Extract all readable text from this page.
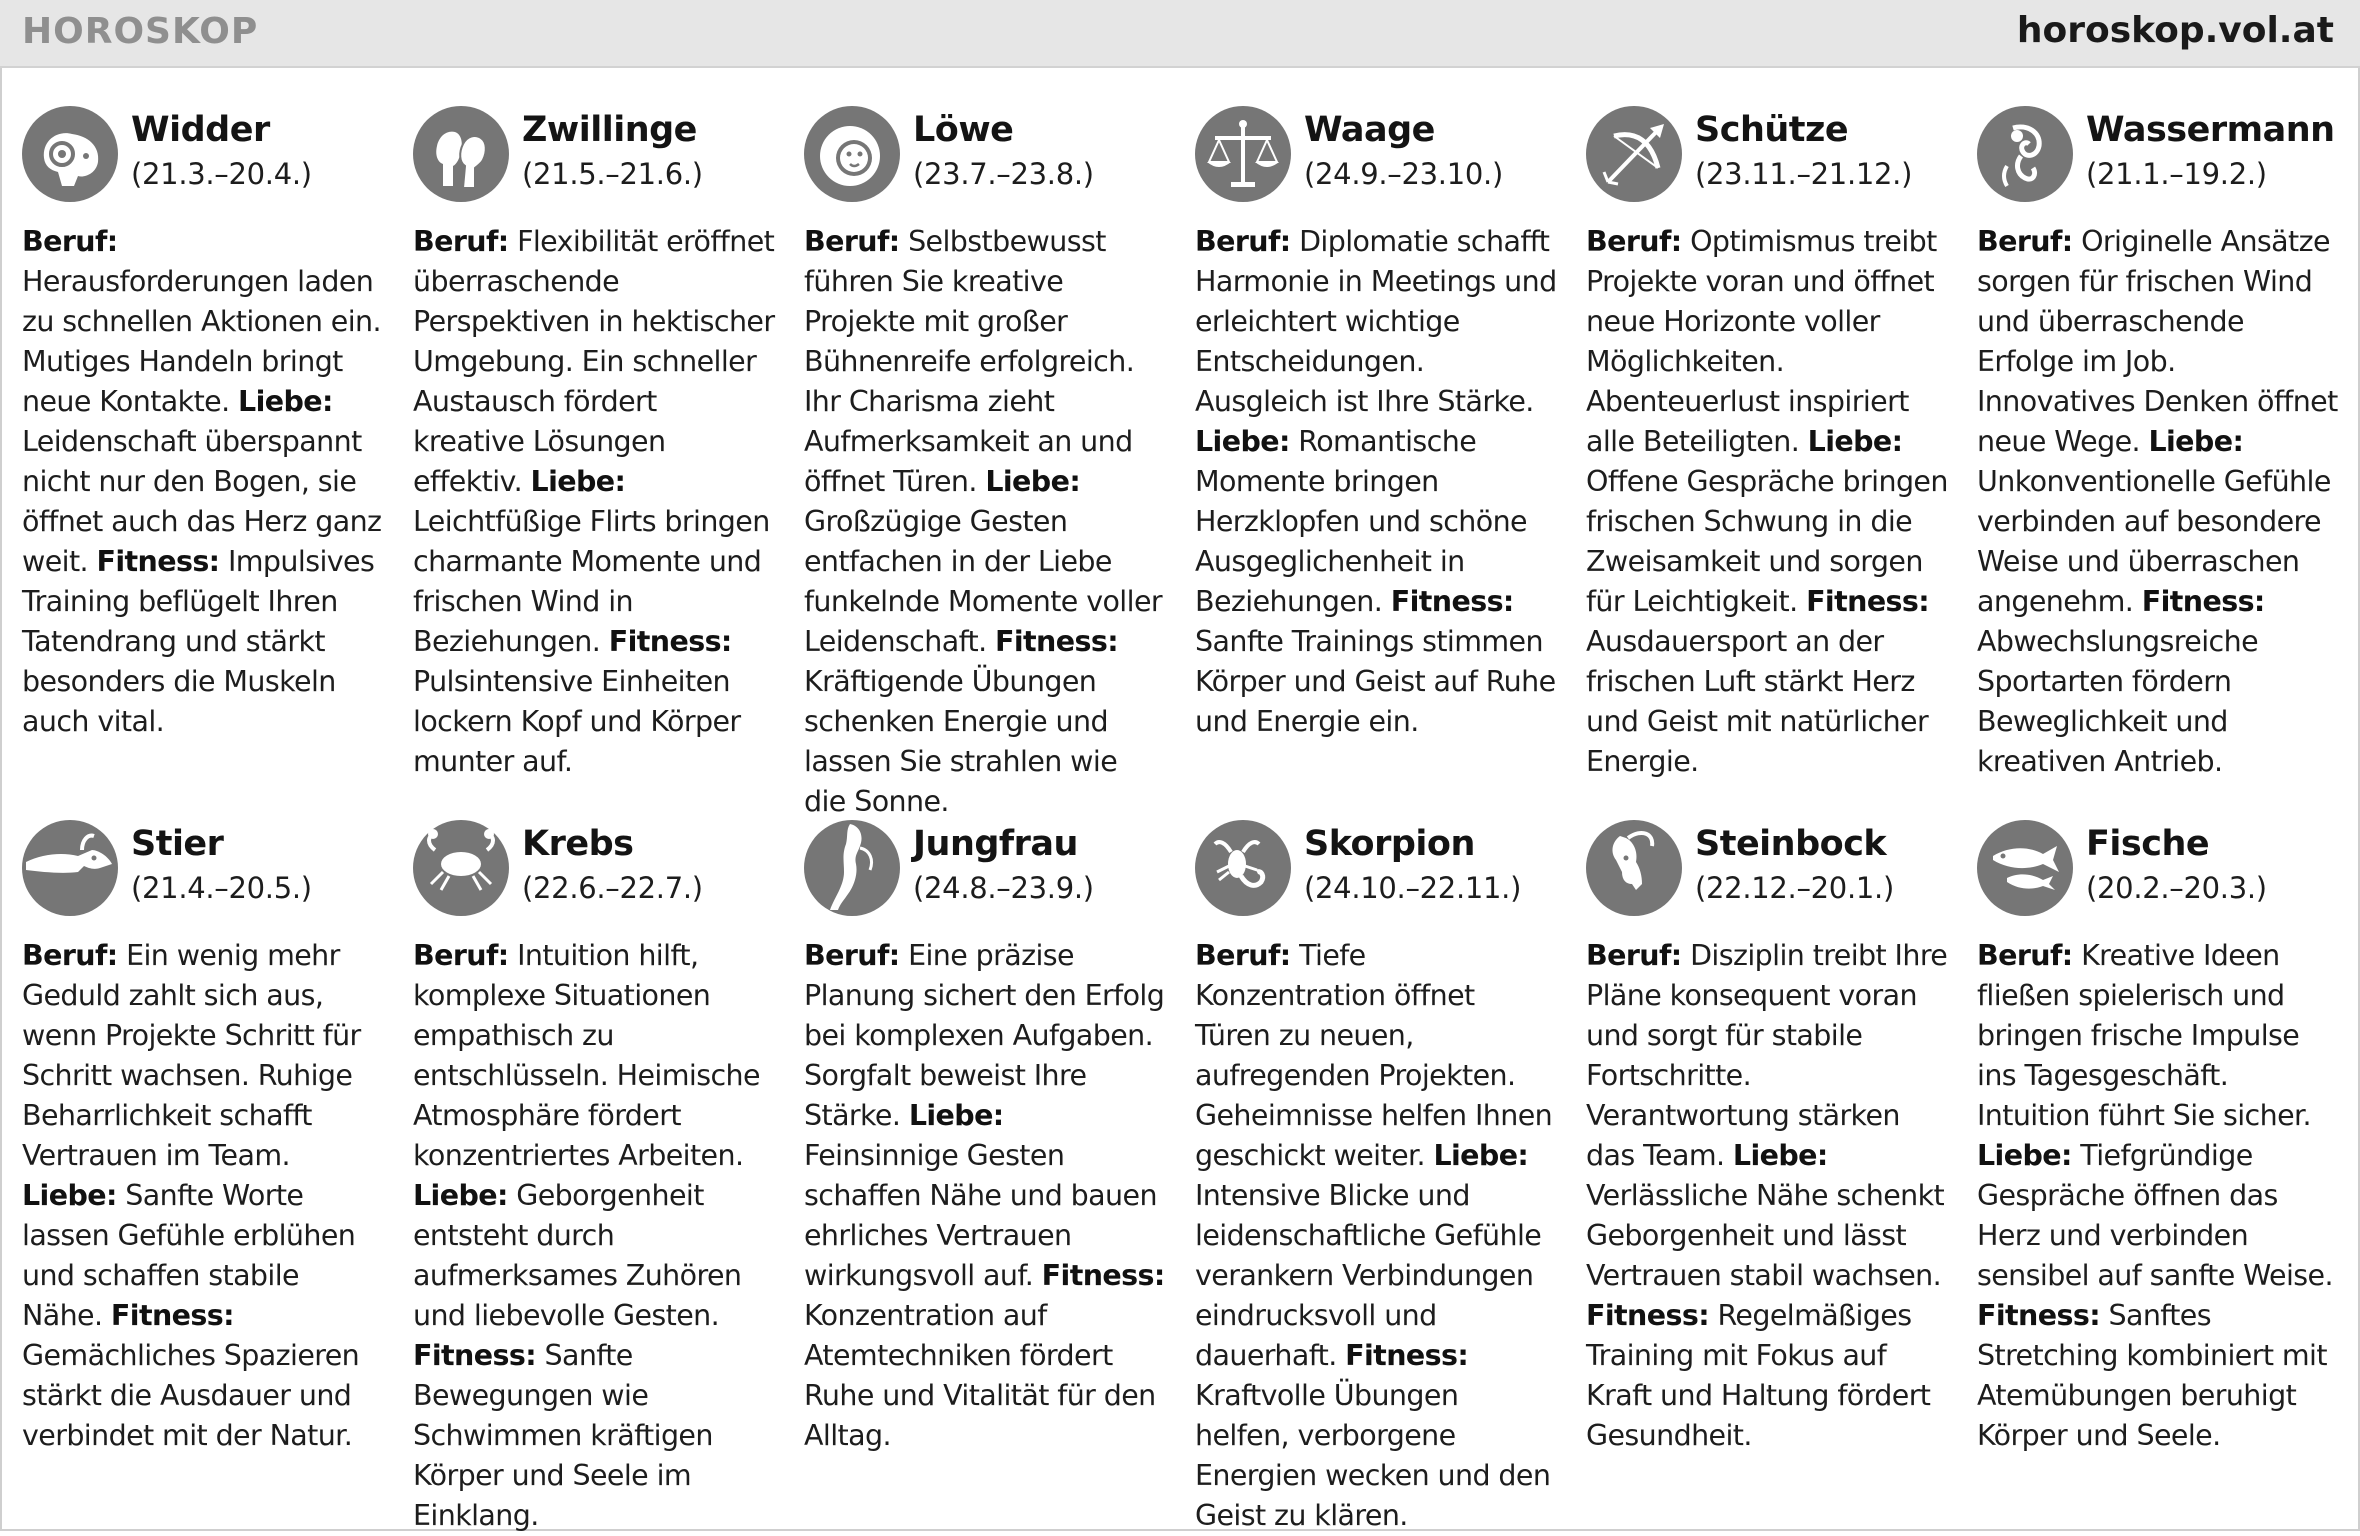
HOROSKOP	horoskop.vol.at
Widder
(21.3.–20.4.)
Beruf: Herausforderungen laden zu schnellen Aktionen ein. Mutiges Handeln bringt neue Kontakte. Liebe: Leidenschaft überspannt nicht nur den Bogen, sie öffnet auch das Herz ganz weit. Fitness: Impulsives Training beflügelt Ihren Tatendrang und stärkt besonders die Muskeln auch vital.
Zwillinge
(21.5.–21.6.)
Beruf: Flexibilität eröffnet überraschende Perspektiven in hektischer Umgebung. Ein schneller Austausch fördert kreative Lösungen effektiv. Liebe: Leichtfüßige Flirts bringen charmante Momente und frischen Wind in Beziehungen. Fitness: Pulsintensive Einheiten lockern Kopf und Körper munter auf.
Löwe
(23.7.–23.8.)
Beruf: Selbstbewusst führen Sie kreative Projekte mit großer Bühnenreife erfolgreich. Ihr Charisma zieht Aufmerksamkeit an und öffnet Türen. Liebe: Großzügige Gesten entfachen in der Liebe funkelnde Momente voller Leidenschaft. Fitness: Kräftigende Übungen schenken Energie und lassen Sie strahlen wie die Sonne.
Waage
(24.9.–23.10.)
Beruf: Diplomatie schafft Harmonie in Meetings und erleichtert wichtige Entscheidungen. Ausgleich ist Ihre Stärke. Liebe: Romantische Momente bringen Herzklopfen und schöne Ausgeglichenheit in Beziehungen. Fitness: Sanfte Trainings stimmen Körper und Geist auf Ruhe und Energie ein.
Schütze
(23.11.–21.12.)
Beruf: Optimismus treibt Projekte voran und öffnet neue Horizonte voller Möglichkeiten. Abenteuerlust inspiriert alle Beteiligten. Liebe: Offene Gespräche bringen frischen Schwung in die Zweisamkeit und sorgen für Leichtigkeit. Fitness: Ausdauersport an der frischen Luft stärkt Herz und Geist mit natürlicher Energie.
Wassermann
(21.1.–19.2.)
Beruf: Originelle Ansätze sorgen für frischen Wind und überraschende Erfolge im Job. Innovatives Denken öffnet neue Wege. Liebe: Unkonventionelle Gefühle verbinden auf besondere Weise und überraschen angenehm. Fitness: Abwechslungsreiche Sportarten fördern Beweglichkeit und kreativen Antrieb.
Stier
(21.4.–20.5.)
Beruf: Ein wenig mehr Geduld zahlt sich aus, wenn Projekte Schritt für Schritt wachsen. Ruhige Beharrlichkeit schafft Vertrauen im Team. Liebe: Sanfte Worte lassen Gefühle erblühen und schaffen stabile Nähe. Fitness: Gemächliches Spazieren stärkt die Ausdauer und verbindet mit der Natur.
Krebs
(22.6.–22.7.)
Beruf: Intuition hilft, komplexe Situationen empathisch zu entschlüsseln. Heimische Atmosphäre fördert konzentriertes Arbeiten. Liebe: Geborgenheit entsteht durch aufmerksames Zuhören und liebevolle Gesten. Fitness: Sanfte Bewegungen wie Schwimmen kräftigen Körper und Seele im Einklang.
Jungfrau
(24.8.–23.9.)
Beruf: Eine präzise Planung sichert den Erfolg bei komplexen Aufgaben. Sorgfalt beweist Ihre Stärke. Liebe: Feinsinnige Gesten schaffen Nähe und bauen ehrliches Vertrauen wirkungsvoll auf. Fitness: Konzentration auf Atemtechniken fördert Ruhe und Vitalität für den Alltag.
Skorpion
(24.10.–22.11.)
Beruf: Tiefe Konzentration öffnet Türen zu neuen, aufregenden Projekten. Geheimnisse helfen Ihnen geschickt weiter. Liebe: Intensive Blicke und leidenschaftliche Gefühle verankern Verbindungen eindrucksvoll und dauerhaft. Fitness: Kraftvolle Übungen helfen, verborgene Energien wecken und den Geist zu klären.
Steinbock
(22.12.–20.1.)
Beruf: Disziplin treibt Ihre Pläne konsequent voran und sorgt für stabile Fortschritte. Verantwortung stärken das Team. Liebe: Verlässliche Nähe schenkt Geborgenheit und lässt Vertrauen stabil wachsen. Fitness: Regelmäßiges Training mit Fokus auf Kraft und Haltung fördert Gesundheit.
Fische
(20.2.–20.3.)
Beruf: Kreative Ideen fließen spielerisch und bringen frische Impulse ins Tagesgeschäft. Intuition führt Sie sicher. Liebe: Tiefgründige Gespräche öffnen das Herz und verbinden sensibel auf sanfte Weise. Fitness: Sanftes Stretching kombiniert mit Atemübungen beruhigt Körper und Seele.
